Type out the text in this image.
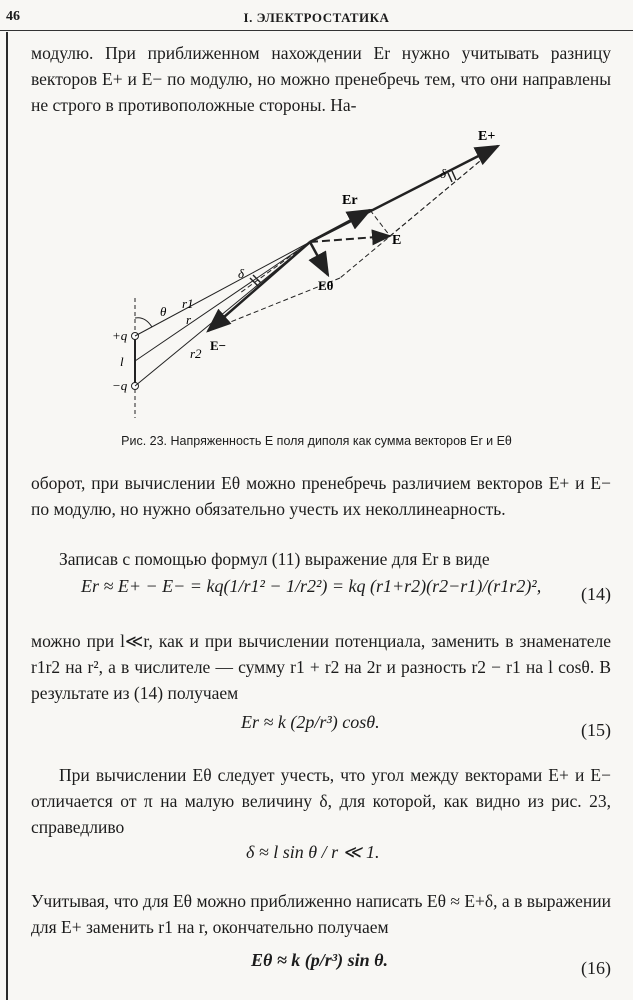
46	I. ЭЛЕКТРОСТАТИКА
модулю. При приближенном нахождении Er нужно учитывать разницу векторов E+ и E− по модулю, но можно пренебречь тем, что они направлены не строго в противоположные стороны. На-
E+
Er
E
Eθ
E−
δ
δ
θ
r1
r
r2
+q
−q
l
Рис. 23. Напряженность E поля диполя как сумма векторов Er и Eθ
оборот, при вычислении Eθ можно пренебречь различием векторов E+ и E− по модулю, но нужно обязательно учесть их неколлинеарность.
Записав с помощью формул (11) выражение для Er в виде
Er ≈ E+ − E− = kq(1/r1² − 1/r2²) = kq (r1+r2)(r2−r1)/(r1r2)², (14)
можно при l≪r, как и при вычислении потенциала, заменить в знаменателе r1r2 на r², а в числителе — сумму r1 + r2 на 2r и разность r2 − r1 на l cosθ. В результате из (14) получаем
Er ≈ k (2p/r³) cosθ.	(15)
При вычислении Eθ следует учесть, что угол между векторами E+ и E− отличается от π на малую величину δ, для которой, как видно из рис. 23, справедливо
δ ≈ l sin θ / r ≪ 1.
Учитывая, что для Eθ можно приближенно написать Eθ ≈ E+δ, а в выражении для E+ заменить r1 на r, окончательно получаем
Eθ ≈ k (p/r³) sin θ.	(16)
